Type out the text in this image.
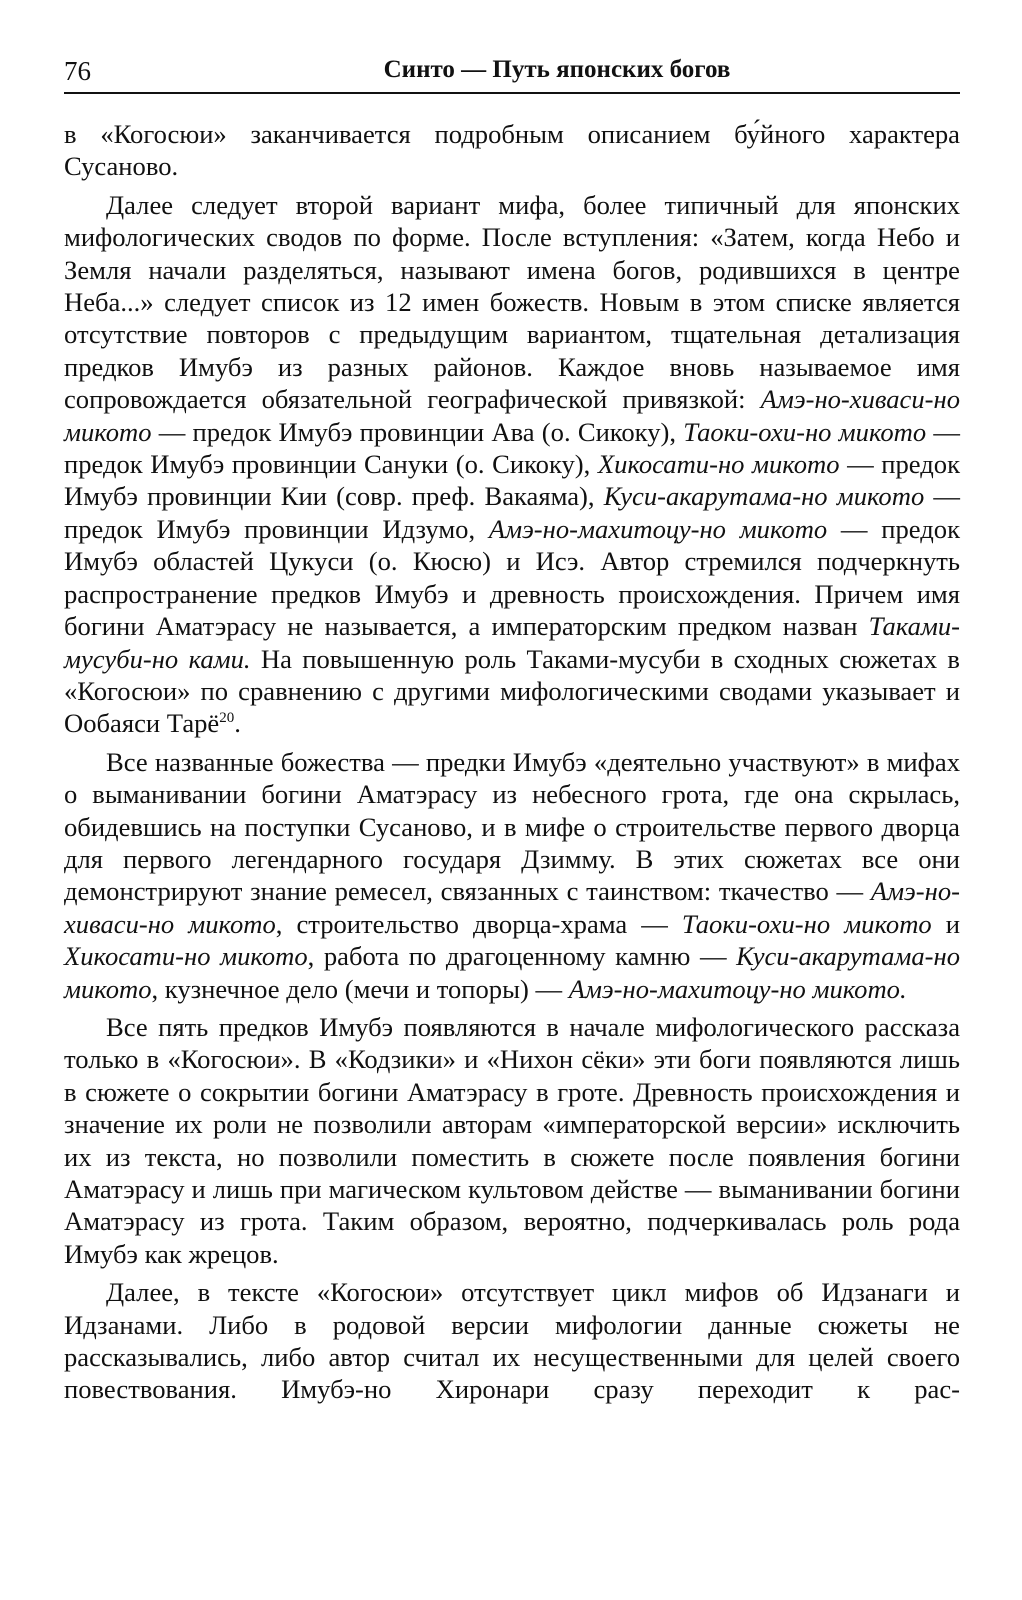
76	Синто — Путь японских богов

в «Когосюи» заканчивается подробным описанием бу́йного характера Сусаново.

Далее следует второй вариант мифа, более типичный для японских мифологических сводов по форме. После вступления: «Затем, когда Небо и Земля начали разделяться, называют имена богов, родившихся в центре Неба...» следует список из 12 имен божеств. Новым в этом списке является отсутствие повторов с предыдущим вариантом, тщательная детализация предков Имубэ из разных районов. Каждое вновь называемое имя сопровождается обязательной географической привязкой: Амэ-но-хиваси-но микото — предок Имубэ провинции Ава (о. Сикоку), Таоки-охи-но микото — предок Имубэ провинции Сануки (о. Сикоку), Хикосати-но микото — предок Имубэ провинции Кии (совр. преф. Вакаяма), Куси-акарутама-но микото — предок Имубэ провинции Идзумо, Амэ-но-махитоцу-но микото — предок Имубэ областей Цукуси (о. Кюсю) и Исэ. Автор стремился подчеркнуть распространение предков Имубэ и древность происхождения. Причем имя богини Аматэрасу не называется, а императорским предком назван Таками-мусуби-но ками. На повышенную роль Таками-мусуби в сходных сюжетах в «Когосюи» по сравнению с другими мифологическими сводами указывает и Ообаяси Тарё$^{20}$.

Все названные божества — предки Имубэ «деятельно участвуют» в мифах о выманивании богини Аматэрасу из небесного грота, где она скрылась, обидевшись на поступки Сусаново, и в мифе о строительстве первого дворца для первого легендарного государя Дзимму. В этих сюжетах все они демонстрируют знание ремесел, связанных с таинством: ткачество — Амэ-но-хиваси-но микото, строительство дворца-храма — Таоки-охи-но микото и Хикосати-но микото, работа по драгоценному камню — Куси-акарутама-но микото, кузнечное дело (мечи и топоры) — Амэ-но-махитоцу-но микото.

Все пять предков Имубэ появляются в начале мифологического рассказа только в «Когосюи». В «Кодзики» и «Нихон сёки» эти боги появляются лишь в сюжете о сокрытии богини Аматэрасу в гроте. Древность происхождения и значение их роли не позволили авторам «императорской версии» исключить их из текста, но позволили поместить в сюжете после появления богини Аматэрасу и лишь при магическом культовом действе — выманивании богини Аматэрасу из грота. Таким образом, вероятно, подчеркивалась роль рода Имубэ как жрецов.

Далее, в тексте «Когосюи» отсутствует цикл мифов об Идзанаги и Идзанами. Либо в родовой версии мифологии данные сюжеты не рассказывались, либо автор считал их несущественными для целей своего повествования. Имубэ-но Хиронари сразу переходит к рас-
